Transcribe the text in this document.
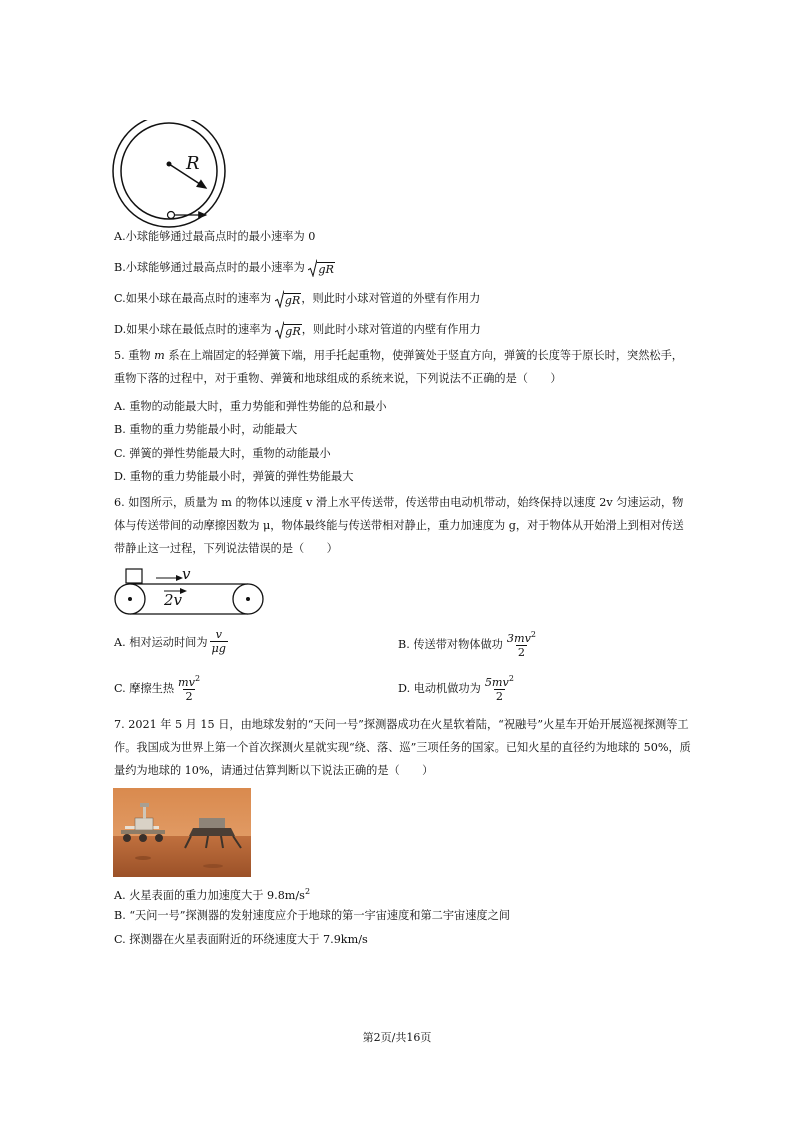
R
A.小球能够通过最高点时的最小速率为 0
B.小球能够通过最高点时的最小速率为 gR
C.如果小球在最高点时的速率为 gR ，则此时小球对管道的外壁有作用力
D.如果小球在最低点时的速率为 gR ，则此时小球对管道的内壁有作用力
5. 重物 m 系在上端固定的轻弹簧下端，用手托起重物，使弹簧处于竖直方向，弹簧的长度等于原长时，突然松手，重物下落的过程中，对于重物、弹簧和地球组成的系统来说，下列说法不正确的是（　　）
A. 重物的动能最大时，重力势能和弹性势能的总和最小
B. 重物的重力势能最小时，动能最大
C. 弹簧的弹性势能最大时，重物的动能最小
D. 重物的重力势能最小时，弹簧的弹性势能最大
6. 如图所示，质量为 m 的物体以速度 v 滑上水平传送带，传送带由电动机带动，始终保持以速度 2v 匀速运动，物体与传送带间的动摩擦因数为 μ，物体最终能与传送带相对静止，重力加速度为 g，对于物体从开始滑上到相对传送带静止这一过程，下列说法错误的是（　　）
v
2v
A. 相对运动时间为 $\frac{v}{\mu g}$	B. 传送带对物体做功 $\frac{3mv^2}{2}$
C. 摩擦生热 $\frac{mv^2}{2}$	D. 电动机做功为 $\frac{5mv^2}{2}$
7. 2021 年 5 月 15 日，由地球发射的“天问一号”探测器成功在火星软着陆，“祝融号”火星车开始开展巡视探测等工作。我国成为世界上第一个首次探测火星就实现“绕、落、巡”三项任务的国家。已知火星的直径约为地球的 50%，质量约为地球的 10%，请通过估算判断以下说法正确的是（　　）
A. 火星表面的重力加速度大于 $9.8m/s^2$
B. “天问一号”探测器的发射速度应介于地球的第一宇宙速度和第二宇宙速度之间
C. 探测器在火星表面附近的环绕速度大于 7.9km/s
第2页/共16页
